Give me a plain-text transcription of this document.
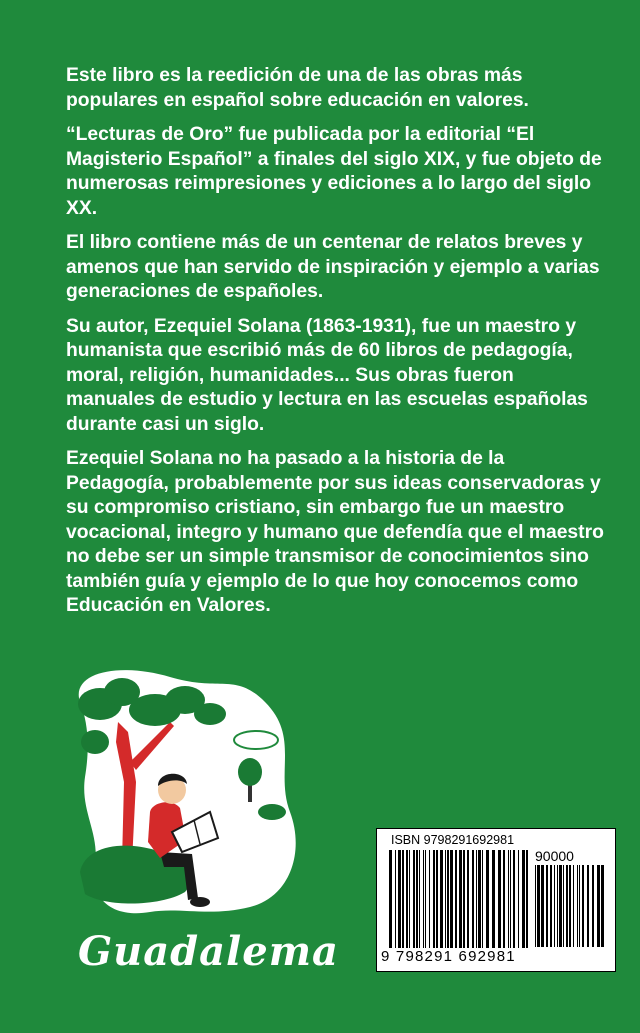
Este libro es la reedición de una de las obras más populares en español sobre educación en valores.

“Lecturas de Oro” fue publicada por la editorial “El Magisterio Español” a finales del siglo XIX, y fue objeto de numerosas reimpresiones y ediciones a lo largo del siglo XX.

El libro contiene más de un centenar de relatos breves y amenos que han servido de inspiración y ejemplo a varias generaciones de españoles.

Su autor, Ezequiel Solana (1863-1931), fue un maestro y humanista que escribió más de 60 libros de pedagogía, moral, religión, humanidades... Sus obras fueron manuales de estudio y lectura en las escuelas españolas durante casi un siglo.

Ezequiel Solana no ha pasado a la historia de la Pedagogía, probablemente por sus ideas conservadoras y su compromiso cristiano, sin embargo fue un maestro vocacional, integro y humano que defendía que el maestro no debe ser un simple transmisor de conocimientos sino también guía y ejemplo de lo que hoy conocemos como Educación en Valores.

Guadalema
ISBN 9798291692981
90000
9 798291 692981
